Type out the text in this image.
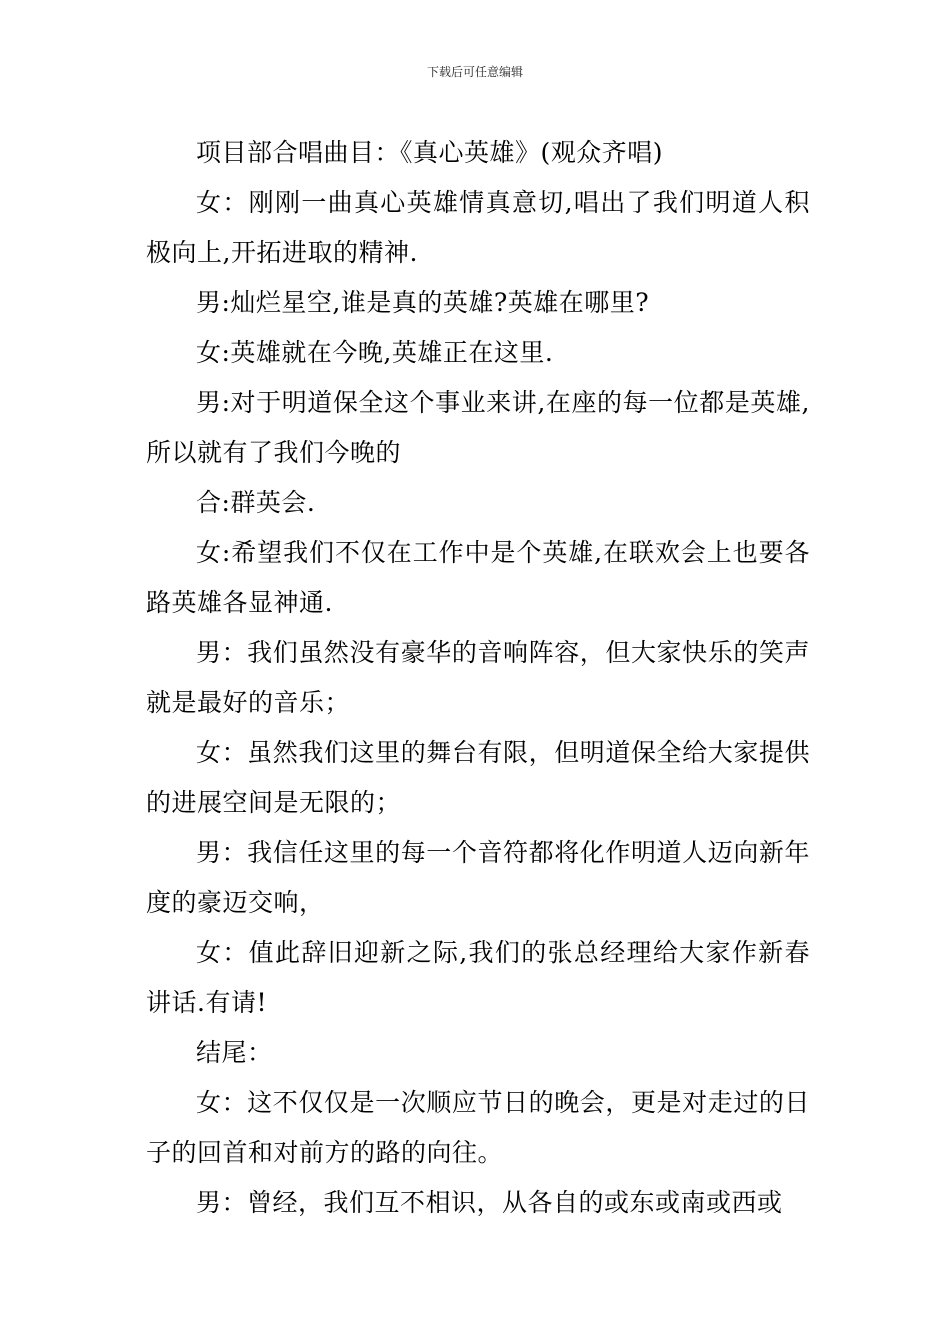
下载后可任意编辑

项目部合唱曲目：《真心英雄》(观众齐唱)

女：刚刚一曲真心英雄情真意切,唱出了我们明道人积极向上,开拓进取的精神.

男:灿烂星空,谁是真的英雄?英雄在哪里?

女:英雄就在今晚,英雄正在这里.

男:对于明道保全这个事业来讲,在座的每一位都是英雄,所以就有了我们今晚的

合:群英会.

女:希望我们不仅在工作中是个英雄,在联欢会上也要各路英雄各显神通.

男：我们虽然没有豪华的音响阵容，但大家快乐的笑声就是最好的音乐；

女：虽然我们这里的舞台有限，但明道保全给大家提供的进展空间是无限的；

男：我信任这里的每一个音符都将化作明道人迈向新年度的豪迈交响，

女：值此辞旧迎新之际,我们的张总经理给大家作新春讲话.有请!

结尾：

女：这不仅仅是一次顺应节日的晚会，更是对走过的日子的回首和对前方的路的向往。

男：曾经，我们互不相识，从各自的或东或南或西或
